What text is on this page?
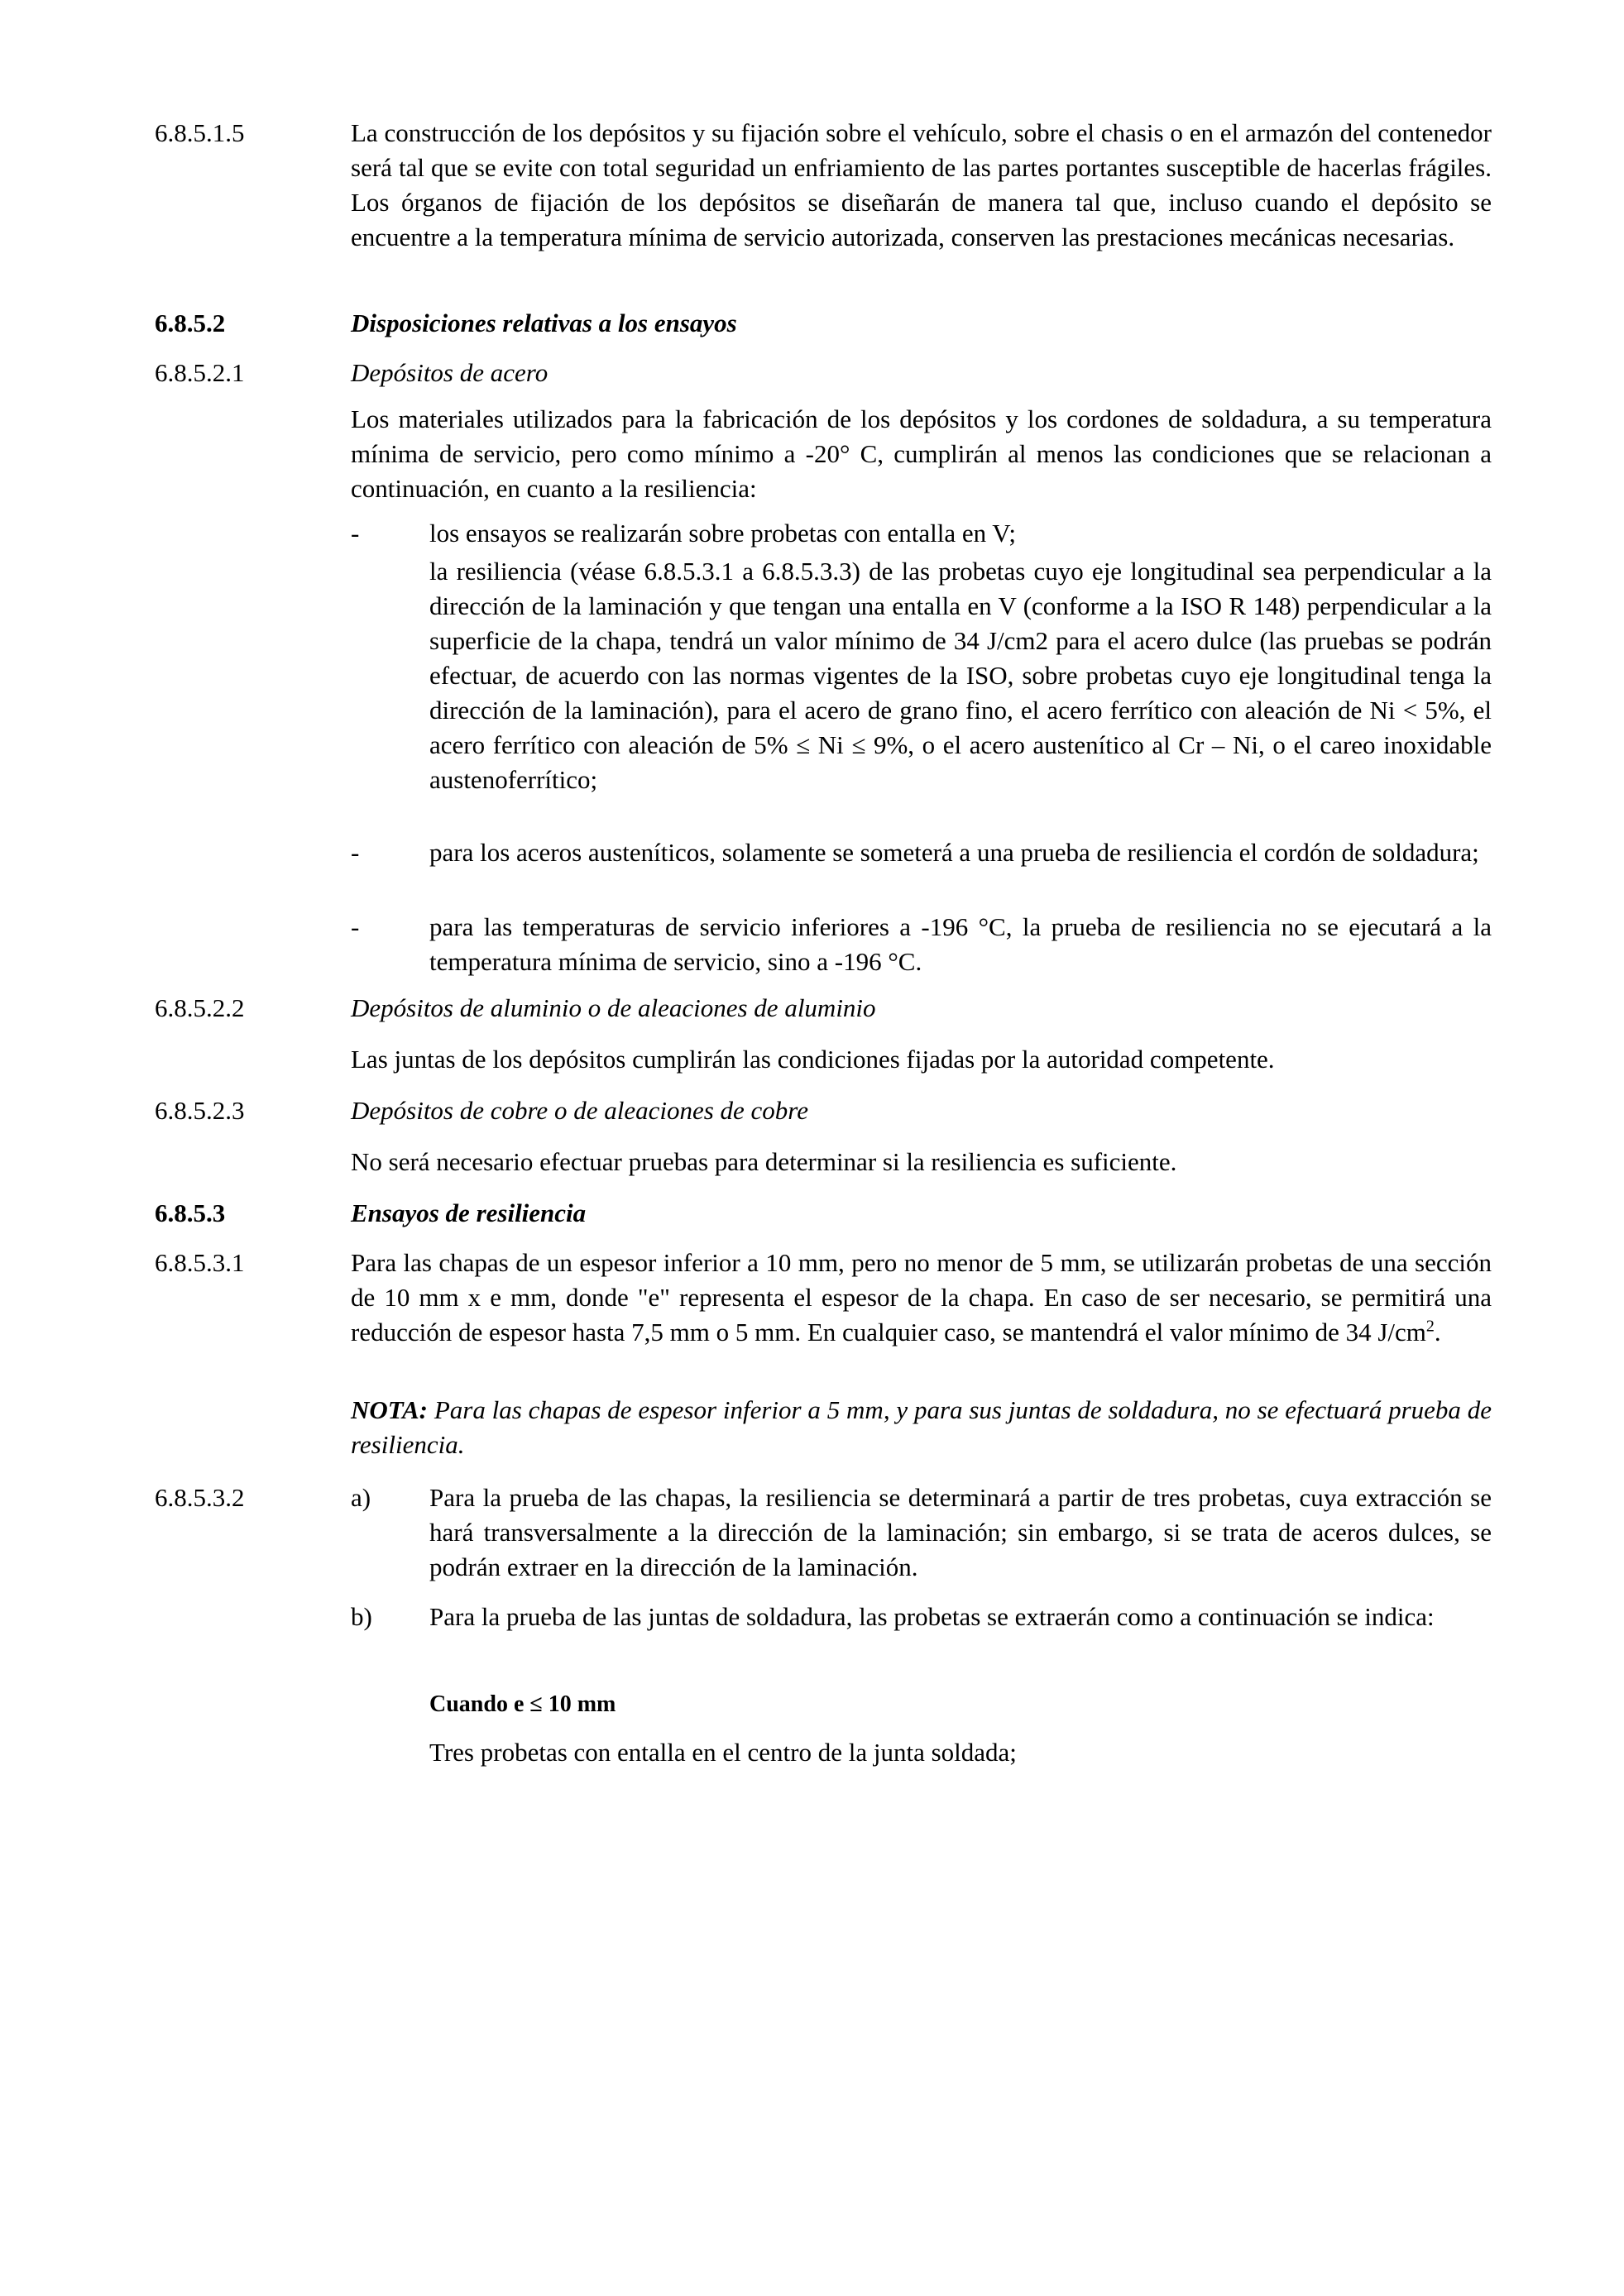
6.8.5.1.5	La construcción de los depósitos y su fijación sobre el vehículo, sobre el chasis o en el armazón del contenedor será tal que se evite con total seguridad un enfriamiento de las partes portantes susceptible de hacerlas frágiles. Los órganos de fijación de los depósitos se diseñarán de manera tal que, incluso cuando el depósito se encuentre a la temperatura mínima de servicio autorizada, conserven las prestaciones mecánicas necesarias.
6.8.5.2	Disposiciones relativas a los ensayos
6.8.5.2.1	Depósitos de acero
Los materiales utilizados para la fabricación de los depósitos y los cordones de soldadura, a su temperatura mínima de servicio, pero como mínimo a -20° C, cumplirán al menos las condiciones que se relacionan a continuación, en cuanto a la resiliencia:
-	los ensayos se realizarán sobre probetas con entalla en V;
la resiliencia (véase 6.8.5.3.1 a 6.8.5.3.3) de las probetas cuyo eje longitudinal sea perpendicular a la dirección de la laminación y que tengan una entalla en V (conforme a la ISO R 148) perpendicular a la superficie de la chapa, tendrá un valor mínimo de 34 J/cm2 para el acero dulce (las pruebas se podrán efectuar, de acuerdo con las normas vigentes de la ISO, sobre probetas cuyo eje longitudinal tenga la dirección de la laminación), para el acero de grano fino, el acero ferrítico con aleación de Ni < 5%, el acero ferrítico con aleación de 5% ≤ Ni ≤ 9%, o el acero austenítico al Cr – Ni, o el careo inoxidable austenoferrítico;
-	para los aceros austeníticos, solamente se someterá a una prueba de resiliencia el cordón de soldadura;
-	para las temperaturas de servicio inferiores a -196 °C, la prueba de resiliencia no se ejecutará a la temperatura mínima de servicio, sino a -196 °C.
6.8.5.2.2	Depósitos de aluminio o de aleaciones de aluminio
Las juntas de los depósitos cumplirán las condiciones fijadas por la autoridad competente.
6.8.5.2.3	Depósitos de cobre o de aleaciones de cobre
No será necesario efectuar pruebas para determinar si la resiliencia es suficiente.
6.8.5.3	Ensayos de resiliencia
6.8.5.3.1	Para las chapas de un espesor inferior a 10 mm, pero no menor de 5 mm, se utilizarán probetas de una sección de 10 mm x e mm, donde "e" representa el espesor de la chapa. En caso de ser necesario, se permitirá una reducción de espesor hasta 7,5 mm o 5 mm. En cualquier caso, se mantendrá el valor mínimo de 34 $J/cm^2$.
NOTA: Para las chapas de espesor inferior a 5 mm, y para sus juntas de soldadura, no se efectuará prueba de resiliencia.
6.8.5.3.2	a) Para la prueba de las chapas, la resiliencia se determinará a partir de tres probetas, cuya extracción se hará transversalmente a la dirección de la laminación; sin embargo, si se trata de aceros dulces, se podrán extraer en la dirección de la laminación.
b) Para la prueba de las juntas de soldadura, las probetas se extraerán como a continuación se indica:
Cuando e ≤ 10 mm
Tres probetas con entalla en el centro de la junta soldada;
